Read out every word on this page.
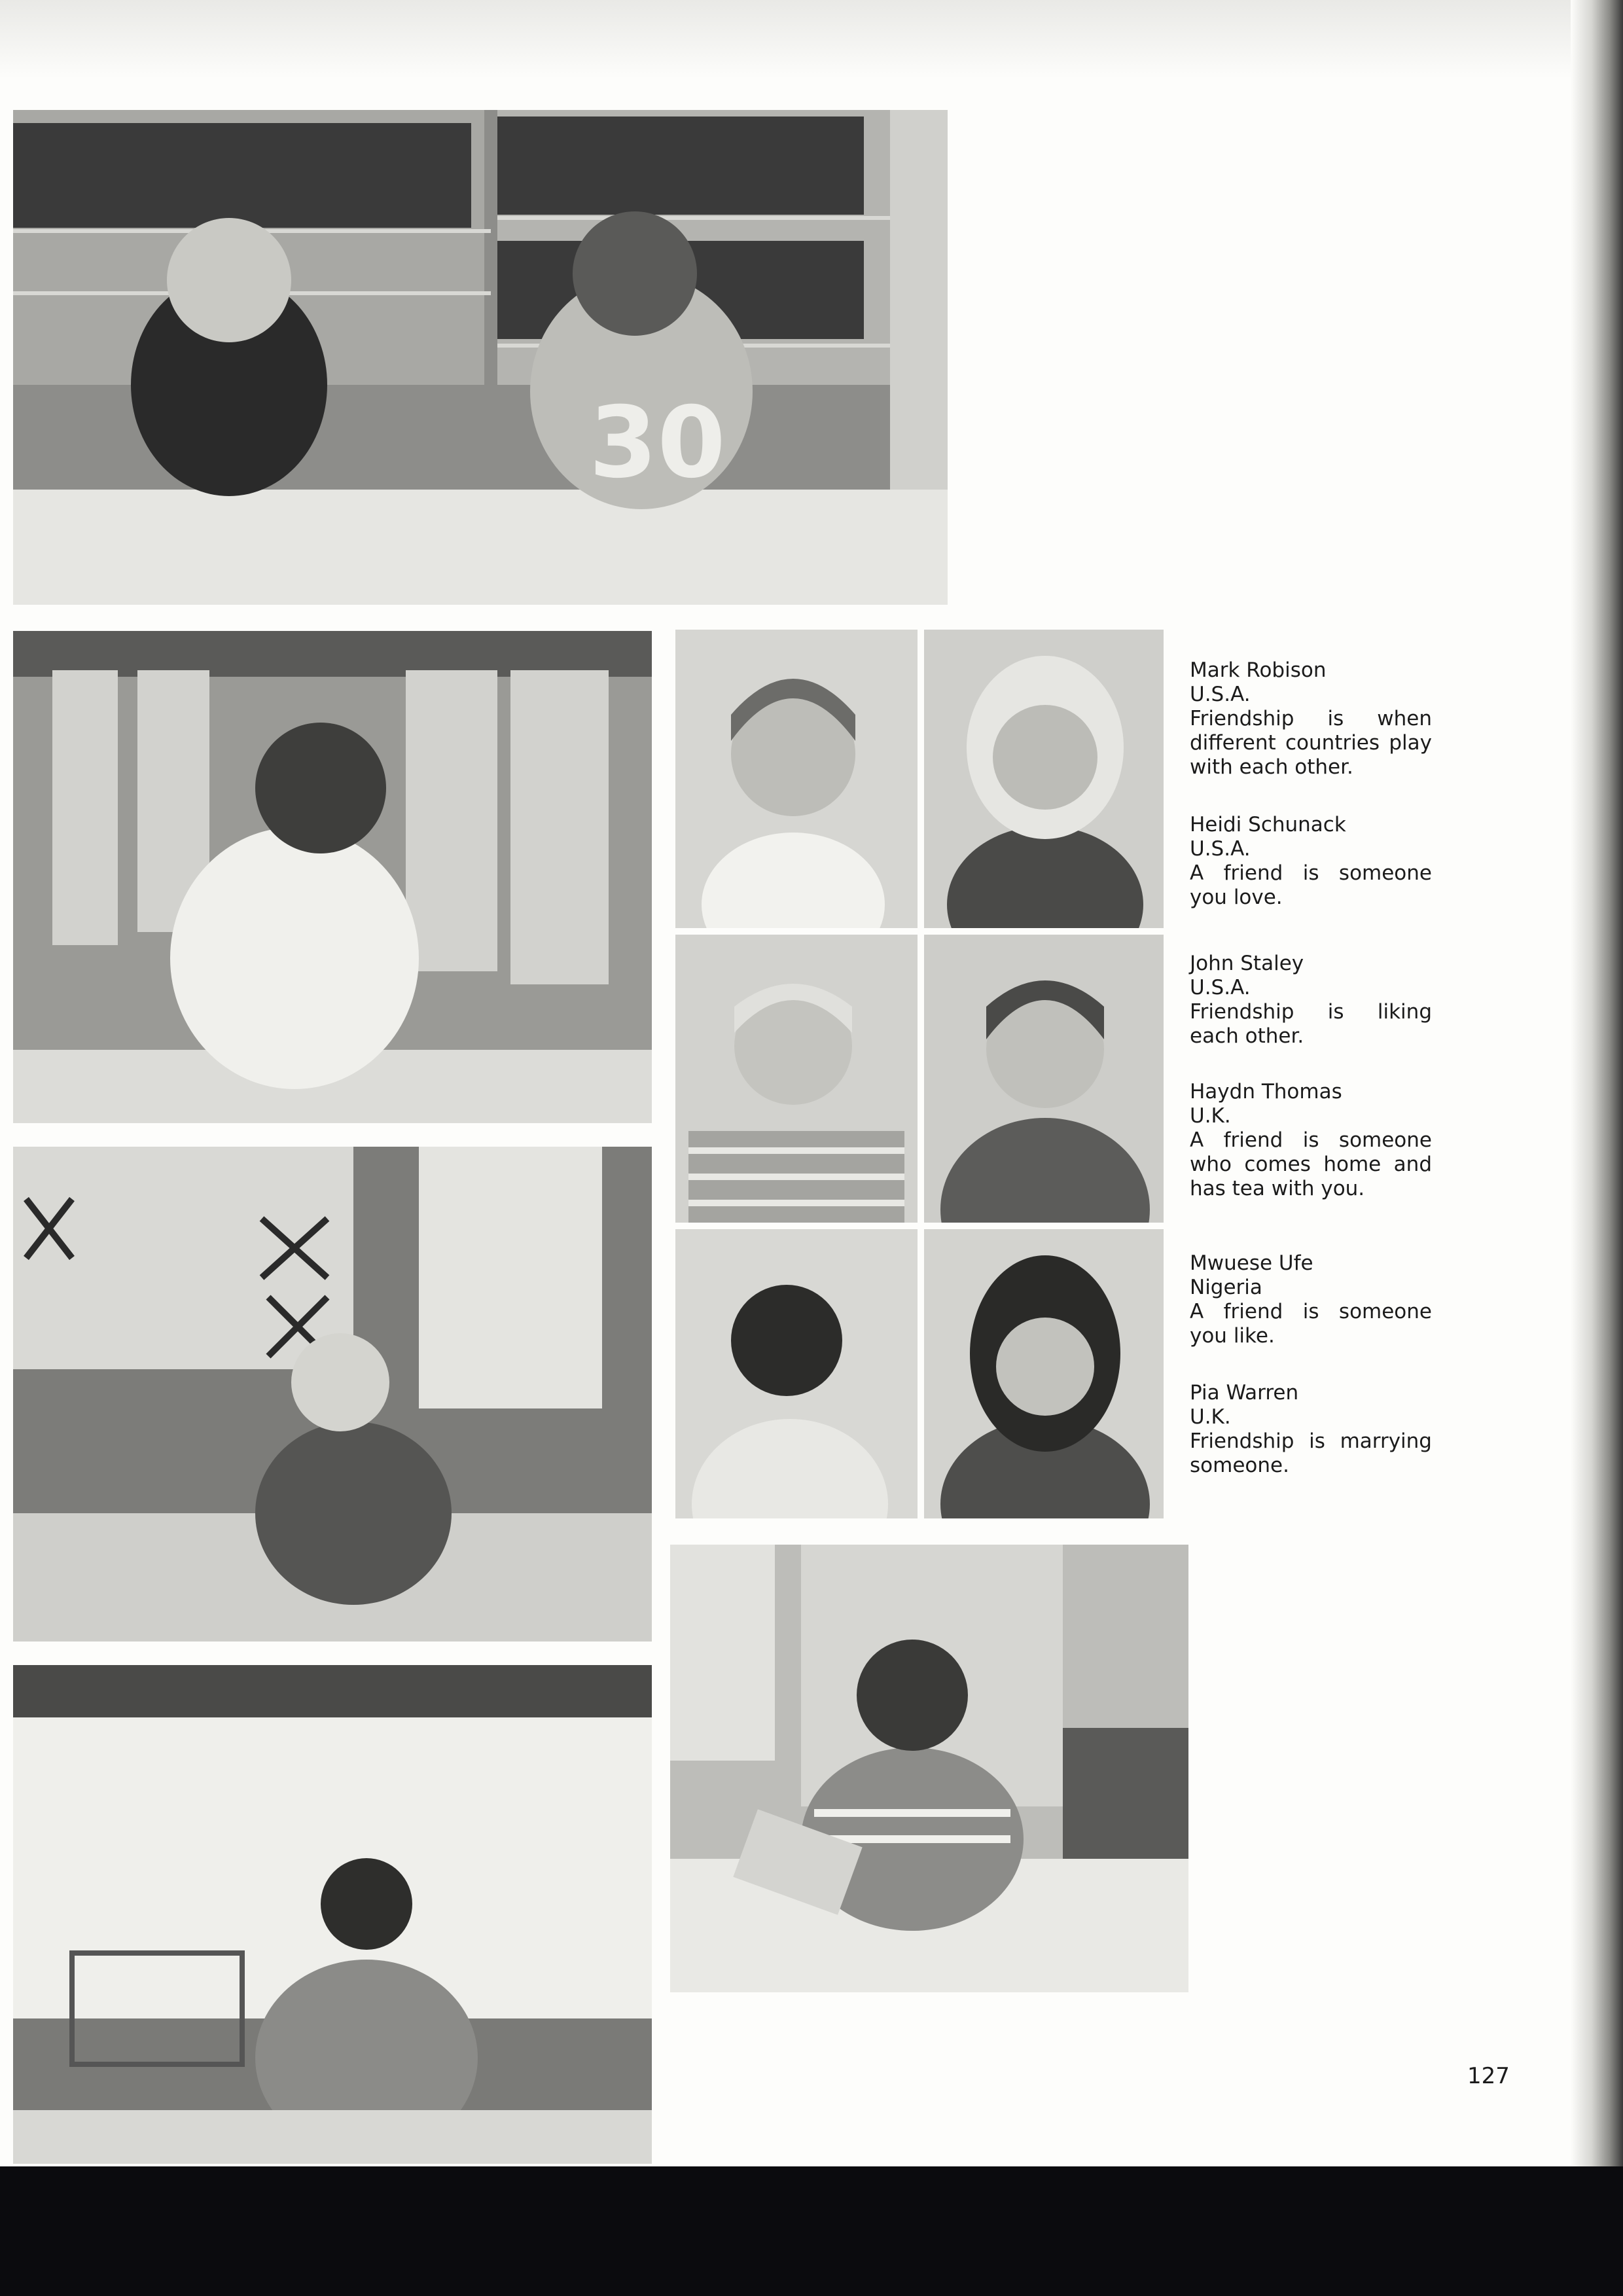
30
Mark Robison
U.S.A.
Friendship is when different countries play with each other.
Heidi Schunack
U.S.A.
A friend is someone you love.
John Staley
U.S.A.
Friendship is liking each other.
Haydn Thomas
U.K.
A friend is someone who comes home and has tea with you.
Mwuese Ufe
Nigeria
A friend is someone you like.
Pia Warren
U.K.
Friendship is marrying someone.
127
